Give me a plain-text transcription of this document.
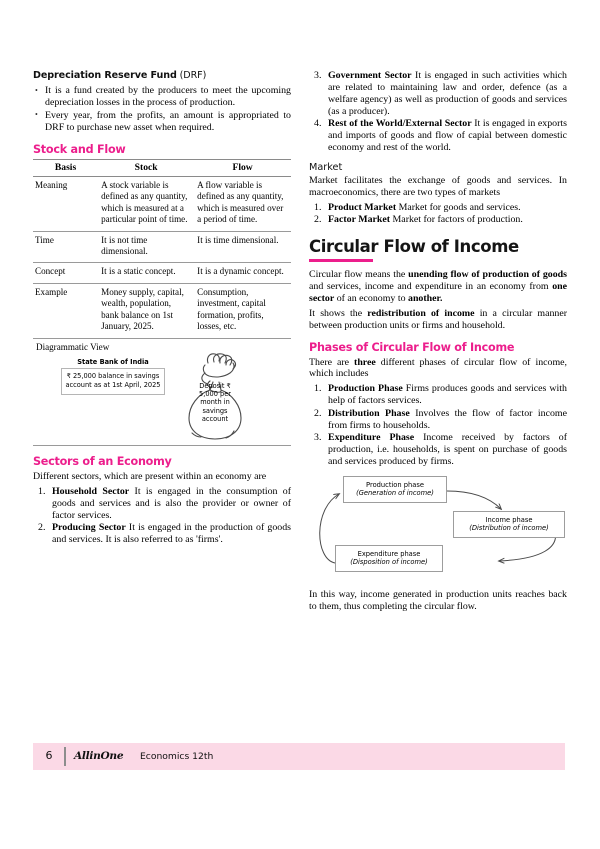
Depreciation Reserve Fund (DRF)
• It is a fund created by the producers to meet the upcoming depreciation losses in the process of production.
• Every year, from the profits, an amount is appropriated to DRF to purchase new asset when required.
Stock and Flow
Basis	Stock	Flow
Meaning	A stock variable is defined as any quantity, which is measured at a particular point of time.	A flow variable is defined as any quantity, which is measured over a period of time.
Time	It is not time dimensional.	It is time dimensional.
Concept	It is a static concept.	It is a dynamic concept.
Example	Money supply, capital, wealth, population, bank balance on 1st January, 2025.	Consumption, investment, capital formation, profits, losses, etc.

Diagrammatic View
State Bank of India
₹ 25,000 balance in savings account as at 1st April, 2025 Deposit ₹ 5,000 per month in savings account		
Sectors of an Economy

Different sectors, which are present within an economy are

Household Sector It is engaged in the consumption of goods and services and is also the provider or owner of factor services.
Producing Sector It is engaged in the production of goods and services. It is also referred to as 'firms'.
Government Sector It is engaged in such activities which are related to maintaining law and order, defence (as a welfare agency) as well as production of goods and services (as a producer).
Rest of the World/External Sector It is engaged in exports and imports of goods and flow of capial between domestic economy and rest of the world.
Market

Market facilitates the exchange of goods and services. In macroeconomics, there are two types of markets

Product Market Market for goods and services.
Factor Market Market for factors of production.
Circular Flow of Income

Circular flow means the unending flow of production of goods and services, income and expenditure in an economy from one sector of an economy to another.

It shows the redistribution of income in a circular manner between production units or firms and household.

Phases of Circular Flow of Income

There are three different phases of circular flow of income, which includes

Production Phase Firms produces goods and services with help of factors services.
Distribution Phase Involves the flow of factor income from firms to households.
Expenditure Phase Income received by factors of production, i.e. households, is spent on purchase of goods and services produced by firms.
Production phase
(Generation of income)
Income phase
(Distribution of income)
Expenditure phase
(Disposition of income)

In this way, income generated in production units reaches back to them, thus completing the circular flow.

6	AllinOne Economics 12th
